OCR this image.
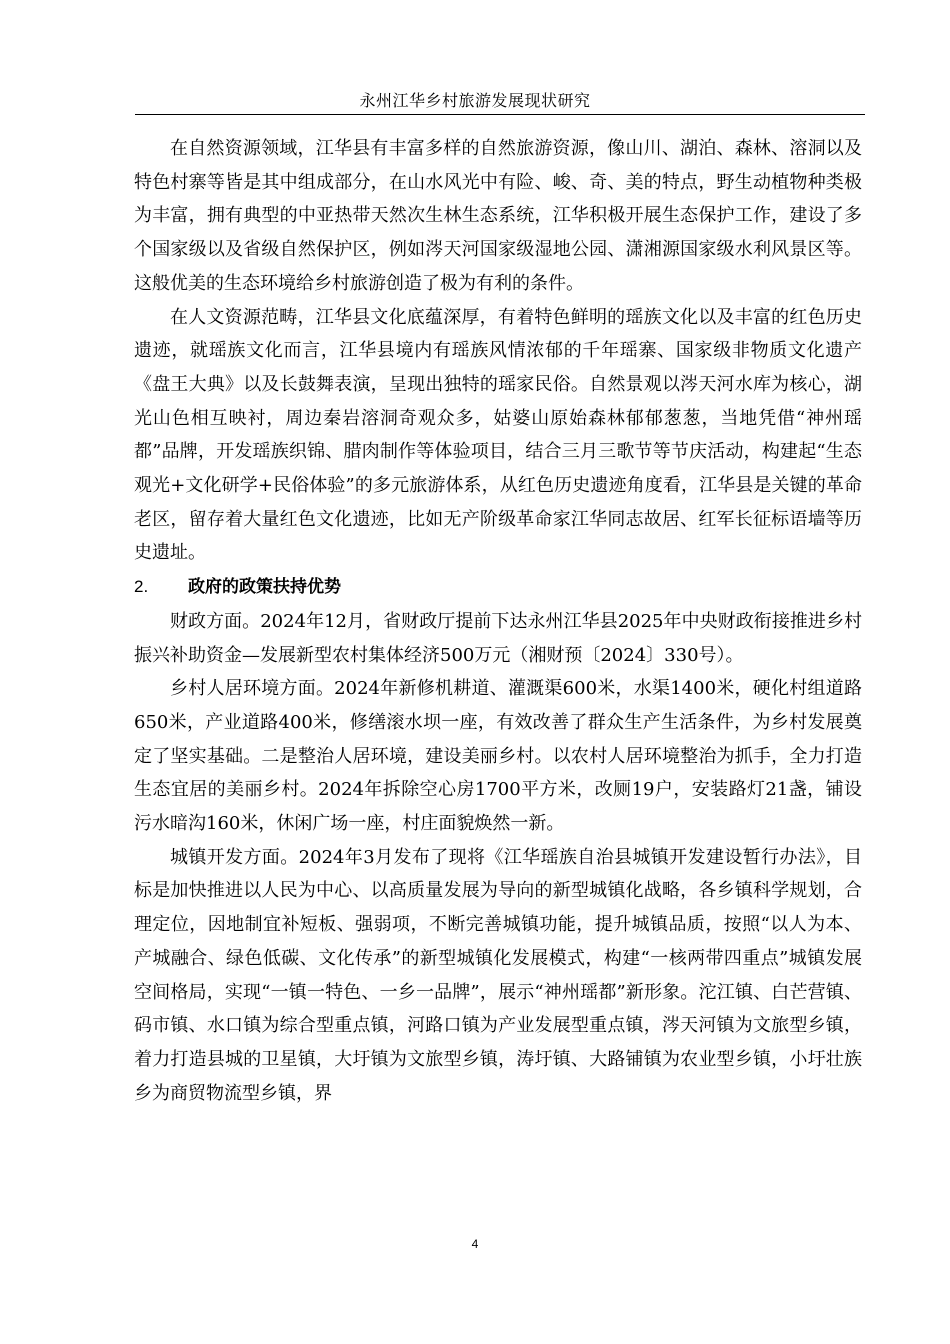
永州江华乡村旅游发展现状研究

在自然资源领域，江华县有丰富多样的自然旅游资源，像山川、湖泊、森林、溶洞以及特色村寨等皆是其中组成部分，在山水风光中有险、峻、奇、美的特点，野生动植物种类极为丰富，拥有典型的中亚热带天然次生林生态系统，江华积极开展生态保护工作，建设了多个国家级以及省级自然保护区，例如涔天河国家级湿地公园、潇湘源国家级水利风景区等。这般优美的生态环境给乡村旅游创造了极为有利的条件。

在人文资源范畴，江华县文化底蕴深厚，有着特色鲜明的瑶族文化以及丰富的红色历史遗迹，就瑶族文化而言，江华县境内有瑶族风情浓郁的千年瑶寨、国家级非物质文化遗产《盘王大典》以及长鼓舞表演，呈现出独特的瑶家民俗。自然景观以涔天河水库为核心，湖光山色相互映衬，周边秦岩溶洞奇观众多，姑婆山原始森林郁郁葱葱，当地凭借“神州瑶都”品牌，开发瑶族织锦、腊肉制作等体验项目，结合三月三歌节等节庆活动，构建起“生态观光+文化研学+民俗体验”的多元旅游体系，从红色历史遗迹角度看，江华县是关键的革命老区，留存着大量红色文化遗迹，比如无产阶级革命家江华同志故居、红军长征标语墙等历史遗址。

2. 政府的政策扶持优势

财政方面。2024年12月，省财政厅提前下达永州江华县2025年中央财政衔接推进乡村振兴补助资金—发展新型农村集体经济500万元（湘财预〔2024〕330号）。

乡村人居环境方面。2024年新修机耕道、灌溉渠600米，水渠1400米，硬化村组道路650米，产业道路400米，修缮滚水坝一座，有效改善了群众生产生活条件，为乡村发展奠定了坚实基础。二是整治人居环境，建设美丽乡村。以农村人居环境整治为抓手，全力打造生态宜居的美丽乡村。2024年拆除空心房1700平方米，改厕19户，安装路灯21盏，铺设污水暗沟160米，休闲广场一座，村庄面貌焕然一新。

城镇开发方面。2024年3月发布了现将《江华瑶族自治县城镇开发建设暂行办法》，目标是加快推进以人民为中心、以高质量发展为导向的新型城镇化战略，各乡镇科学规划，合理定位，因地制宜补短板、强弱项，不断完善城镇功能，提升城镇品质，按照“以人为本、产城融合、绿色低碳、文化传承”的新型城镇化发展模式，构建“一核两带四重点”城镇发展空间格局，实现“一镇一特色、一乡一品牌”，展示“神州瑶都”新形象。沱江镇、白芒营镇、码市镇、水口镇为综合型重点镇，河路口镇为产业发展型重点镇，涔天河镇为文旅型乡镇，着力打造县城的卫星镇，大圩镇为文旅型乡镇，涛圩镇、大路铺镇为农业型乡镇，小圩壮族乡为商贸物流型乡镇，界

4
